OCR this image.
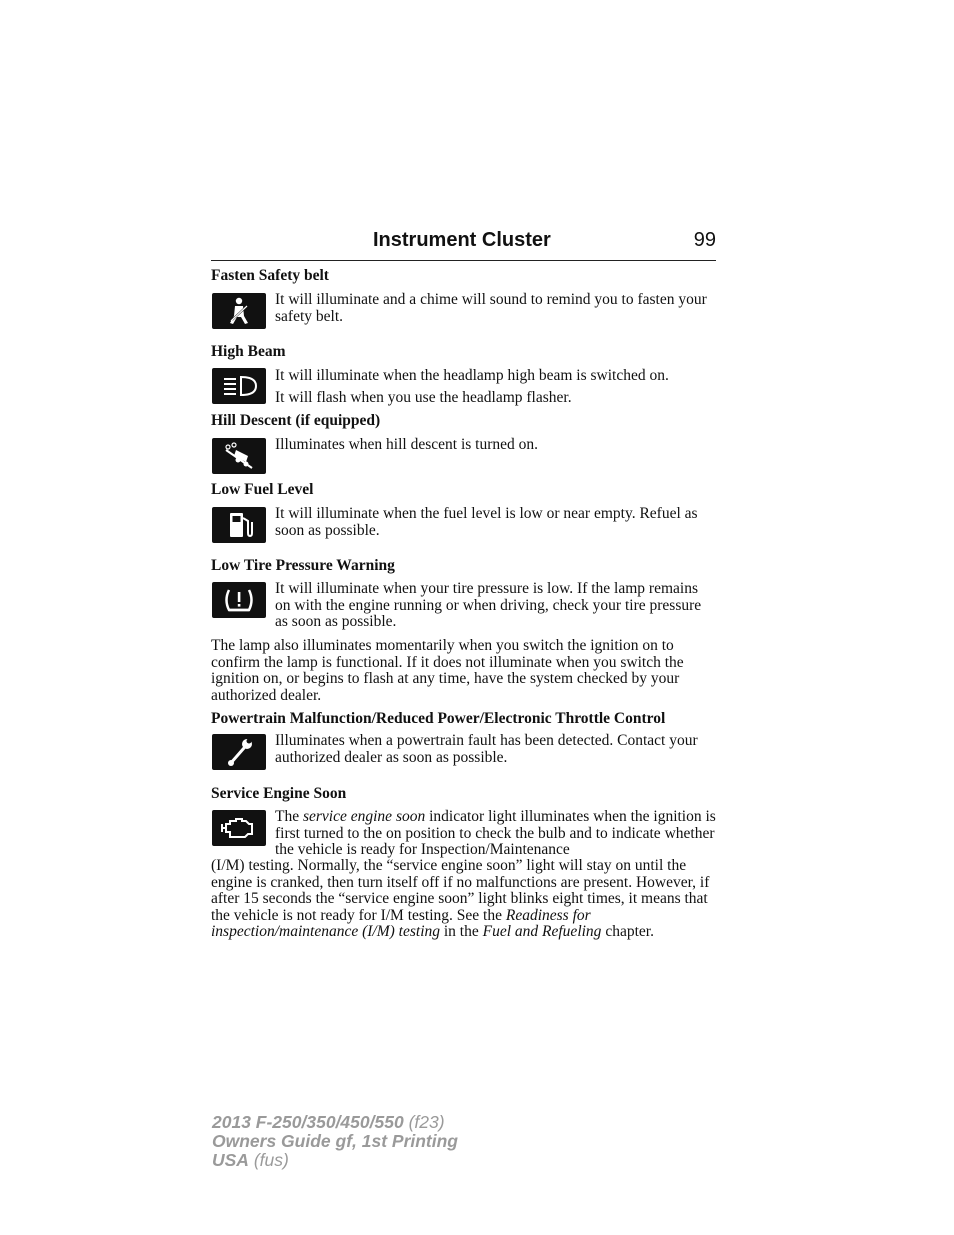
Instrument Cluster	99
Fasten Safety belt
It will illuminate and a chime will sound to remind you to fasten your safety belt.
High Beam
It will illuminate when the headlamp high beam is switched on.
It will flash when you use the headlamp flasher.
Hill Descent (if equipped)
Illuminates when hill descent is turned on.
Low Fuel Level
It will illuminate when the fuel level is low or near empty. Refuel as soon as possible.
Low Tire Pressure Warning
It will illuminate when your tire pressure is low. If the lamp remains on with the engine running or when driving, check your tire pressure as soon as possible.
The lamp also illuminates momentarily when you switch the ignition on to confirm the lamp is functional. If it does not illuminate when you switch the ignition on, or begins to flash at any time, have the system checked by your authorized dealer.
Powertrain Malfunction/Reduced Power/Electronic Throttle Control
Illuminates when a powertrain fault has been detected. Contact your authorized dealer as soon as possible.
Service Engine Soon
The service engine soon indicator light illuminates when the ignition is first turned to the on position to check the bulb and to indicate whether the vehicle is ready for Inspection/Maintenance
(I/M) testing. Normally, the “service engine soon” light will stay on until the engine is cranked, then turn itself off if no malfunctions are present. However, if after 15 seconds the “service engine soon” light blinks eight times, it means that the vehicle is not ready for I/M testing. See the Readiness for inspection/maintenance (I/M) testing in the Fuel and Refueling chapter.
2013 F-250/350/450/550 (f23)
Owners Guide gf, 1st Printing
USA (fus)
